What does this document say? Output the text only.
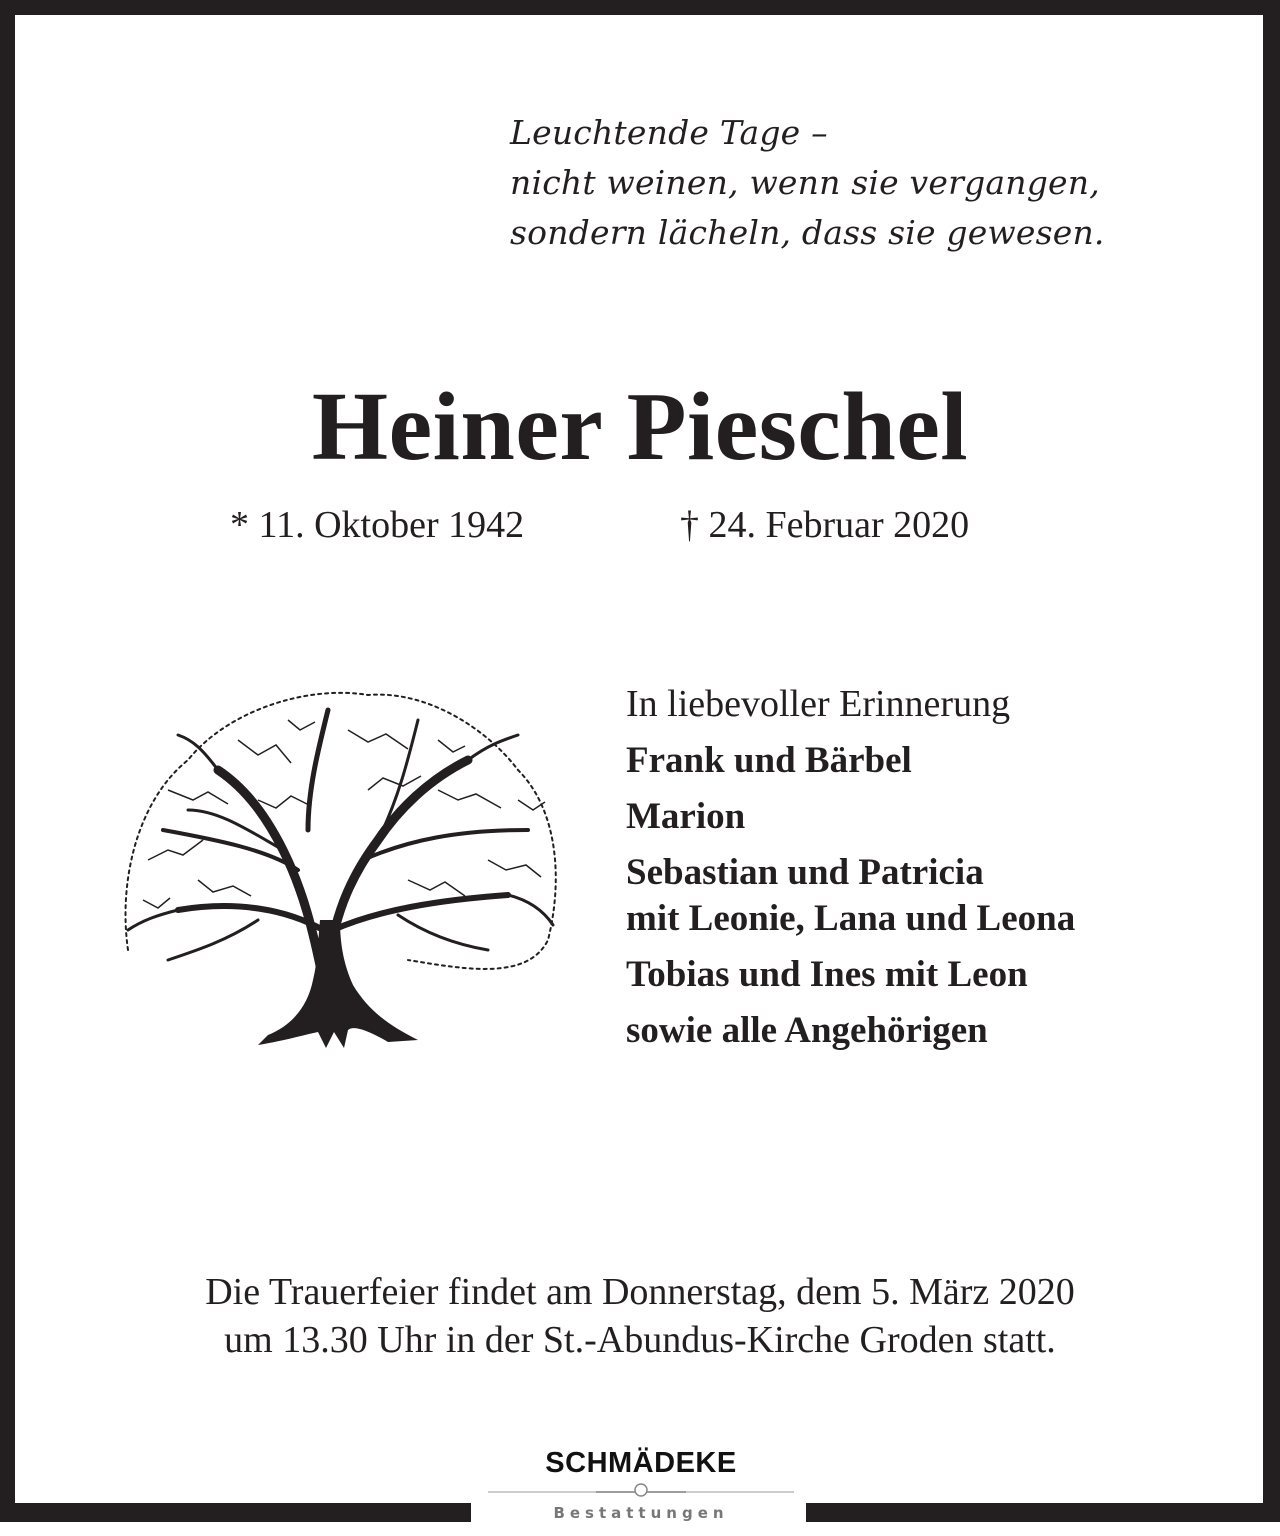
Leuchtende Tage –
nicht weinen, wenn sie vergangen,
sondern lächeln, dass sie gewesen.
Heiner Pieschel
* 11. Oktober 1942	† 24. Februar 2020
In liebevoller Erinnerung
Frank und Bärbel
Marion
Sebastian und Patricia
mit Leonie, Lana und Leona
Tobias und Ines mit Leon
sowie alle Angehörigen
Die Trauerfeier findet am Donnerstag, dem 5. März 2020
um 13.30 Uhr in der St.-Abundus-Kirche Groden statt.
SCHMÄDEKE
Bestattungen
